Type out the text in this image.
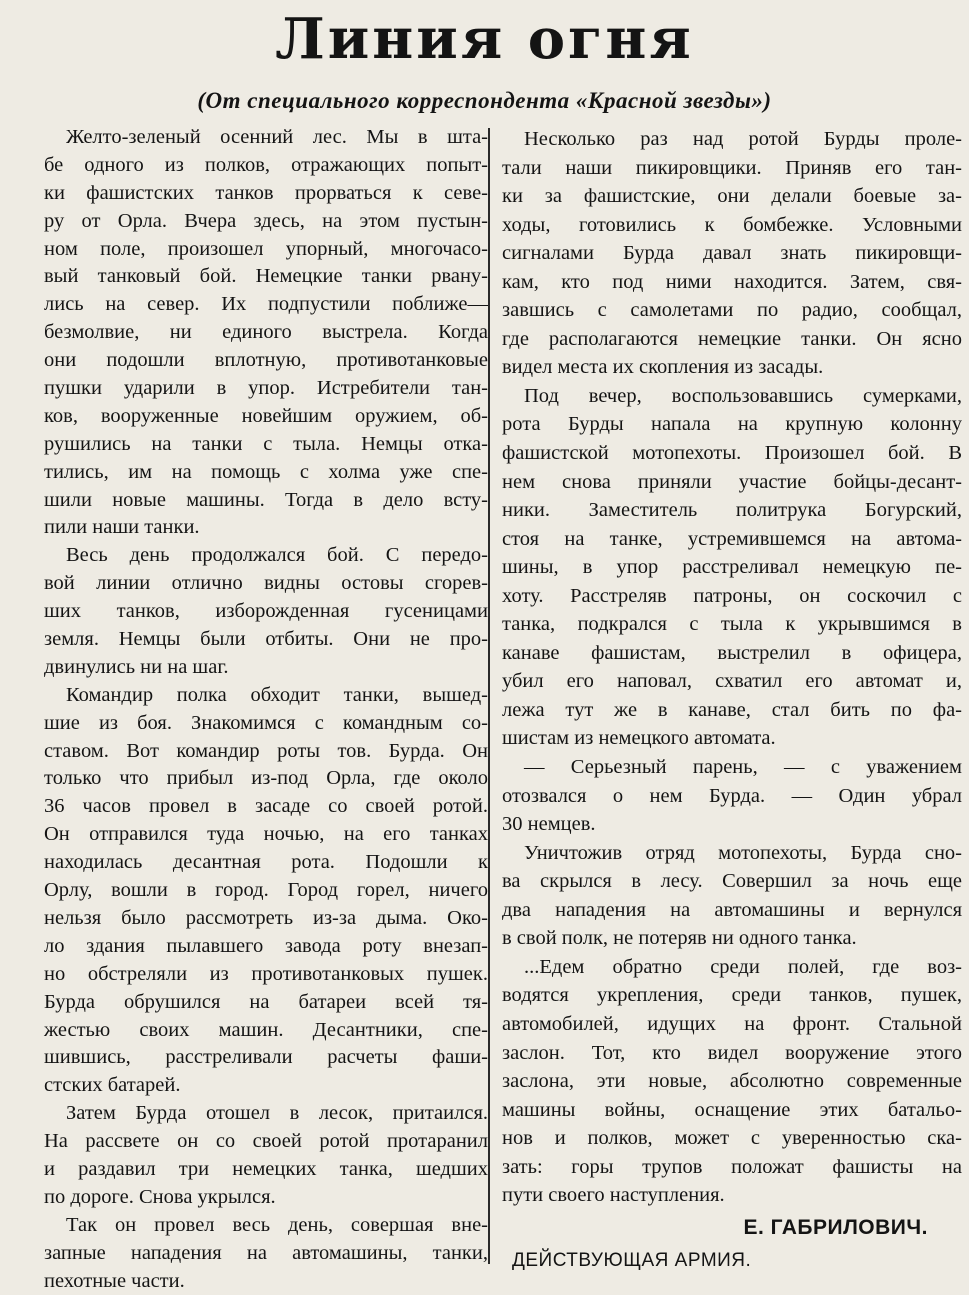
Линия огня
(От специального корреспондента «Красной звезды»)
Желто-зеленый осенний лес. Мы в шта-
бе одного из полков, отражающих попыт-
ки фашистских танков прорваться к севе-
ру от Орла. Вчера здесь, на этом пустын-
ном поле, произошел упорный, многочасо-
вый танковый бой. Немецкие танки рвану-
лись на север. Их подпустили поближе—
безмолвие, ни единого выстрела. Когда
они подошли вплотную, противотанковые
пушки ударили в упор. Истребители тан-
ков, вооруженные новейшим оружием, об-
рушились на танки с тыла. Немцы отка-
тились, им на помощь с холма уже спе-
шили новые машины. Тогда в дело всту-
пили наши танки.
Весь день продолжался бой. С передо-
вой линии отлично видны остовы сгорев-
ших танков, изборожденная гусеницами
земля. Немцы были отбиты. Они не про-
двинулись ни на шаг.
Командир полка обходит танки, вышед-
шие из боя. Знакомимся с командным со-
ставом. Вот командир роты тов. Бурда. Он
только что прибыл из-под Орла, где около
36 часов провел в засаде со своей ротой.
Он отправился туда ночью, на его танках
находилась десантная рота. Подошли к
Орлу, вошли в город. Город горел, ничего
нельзя было рассмотреть из-за дыма. Око-
ло здания пылавшего завода роту внезап-
но обстреляли из противотанковых пушек.
Бурда обрушился на батареи всей тя-
жестью своих машин. Десантники, спе-
шившись, расстреливали расчеты фаши-
стских батарей.
Затем Бурда отошел в лесок, притаился.
На рассвете он со своей ротой протаранил
и раздавил три немецких танка, шедших
по дороге. Снова укрылся.
Так он провел весь день, совершая вне-
запные нападения на автомашины, танки,
пехотные части.
Несколько раз над ротой Бурды проле-
тали наши пикировщики. Приняв его тан-
ки за фашистские, они делали боевые за-
ходы, готовились к бомбежке. Условными
сигналами Бурда давал знать пикировщи-
кам, кто под ними находится. Затем, свя-
завшись с самолетами по радио, сообщал,
где располагаются немецкие танки. Он ясно
видел места их скопления из засады.
Под вечер, воспользовавшись сумерками,
рота Бурды напала на крупную колонну
фашистской мотопехоты. Произошел бой. В
нем снова приняли участие бойцы-десант-
ники. Заместитель политрука Богурский,
стоя на танке, устремившемся на автома-
шины, в упор расстреливал немецкую пе-
хоту. Расстреляв патроны, он соскочил с
танка, подкрался с тыла к укрывшимся в
канаве фашистам, выстрелил в офицера,
убил его наповал, схватил его автомат и,
лежа тут же в канаве, стал бить по фа-
шистам из немецкого автомата.
— Серьезный парень, — с уважением
отозвался о нем Бурда. — Один убрал
30 немцев.
Уничтожив отряд мотопехоты, Бурда сно-
ва скрылся в лесу. Совершил за ночь еще
два нападения на автомашины и вернулся
в свой полк, не потеряв ни одного танка.
...Едем обратно среди полей, где воз-
водятся укрепления, среди танков, пушек,
автомобилей, идущих на фронт. Стальной
заслон. Тот, кто видел вооружение этого
заслона, эти новые, абсолютно современные
машины войны, оснащение этих батальо-
нов и полков, может с уверенностью ска-
зать: горы трупов положат фашисты на
пути своего наступления.
Е. ГАБРИЛОВИЧ.
ДЕЙСТВУЮЩАЯ АРМИЯ.
